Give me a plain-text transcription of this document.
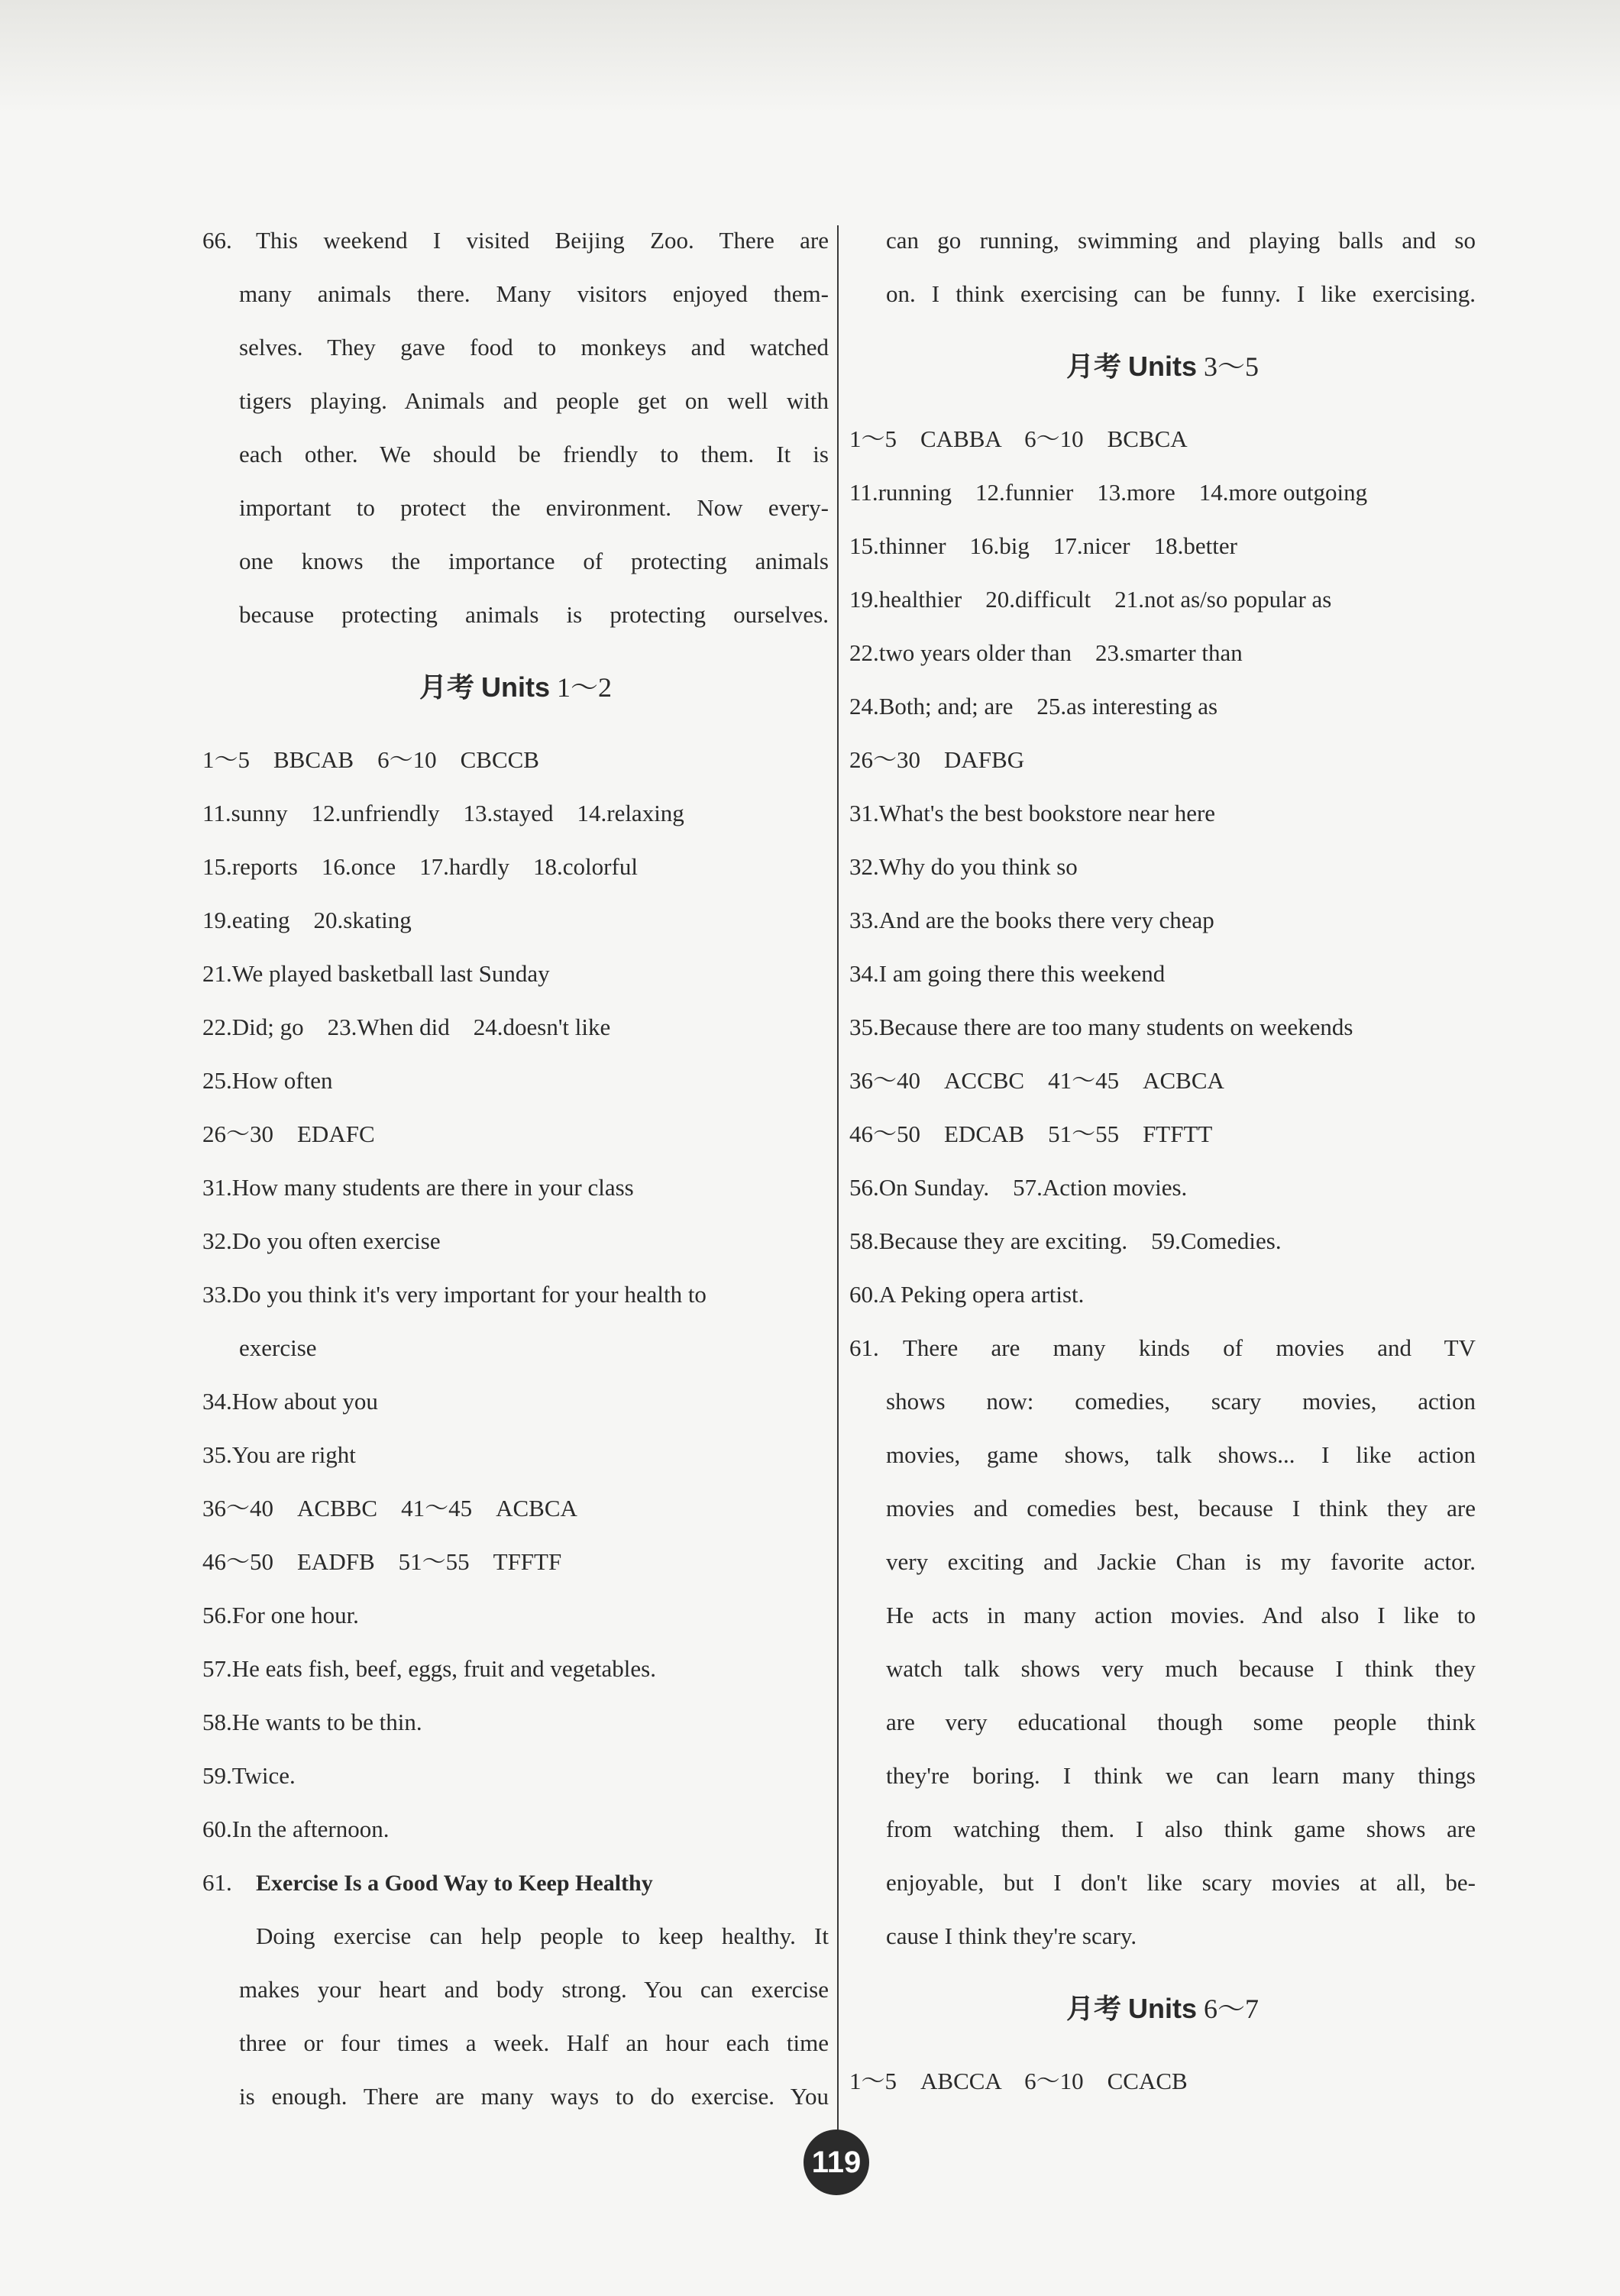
66. This weekend I visited Beijing Zoo. There are
many animals there. Many visitors enjoyed them-
selves. They gave food to monkeys and watched
tigers playing. Animals and people get on well with
each other. We should be friendly to them. It is
important to protect the environment. Now every-
one knows the importance of protecting animals
because protecting animals is protecting ourselves.
月考 Units 1～2
1～5　BBCAB　6～10　CBCCB
11.sunny　12.unfriendly　13.stayed　14.relaxing
15.reports　16.once　17.hardly　18.colorful
19.eating　20.skating
21.We played basketball last Sunday
22.Did; go　23.When did　24.doesn't like
25.How often
26～30　EDAFC
31.How many students are there in your class
32.Do you often exercise
33.Do you think it's very important for your health to
exercise
34.How about you
35.You are right
36～40　ACBBC　41～45　ACBCA
46～50　EADFB　51～55　TFFTF
56.For one hour.
57.He eats fish, beef, eggs, fruit and vegetables.
58.He wants to be thin.
59.Twice.
60.In the afternoon.
61. Exercise Is a Good Way to Keep Healthy
Doing exercise can help people to keep healthy. It
makes your heart and body strong. You can exercise
three or four times a week. Half an hour each time
is enough. There are many ways to do exercise. You
can go running, swimming and playing balls and so
on. I think exercising can be funny. I like exercising.
月考 Units 3～5
1～5　CABBA　6～10　BCBCA
11.running　12.funnier　13.more　14.more outgoing
15.thinner　16.big　17.nicer　18.better
19.healthier　20.difficult　21.not as/so popular as
22.two years older than　23.smarter than
24.Both; and; are　25.as interesting as
26～30　DAFBG
31.What's the best bookstore near here
32.Why do you think so
33.And are the books there very cheap
34.I am going there this weekend
35.Because there are too many students on weekends
36～40　ACCBC　41～45　ACBCA
46～50　EDCAB　51～55　FTFTT
56.On Sunday.　57.Action movies.
58.Because they are exciting.　59.Comedies.
60.A Peking opera artist.
61. There are many kinds of movies and TV
shows now: comedies, scary movies, action
movies, game shows, talk shows... I like action
movies and comedies best, because I think they are
very exciting and Jackie Chan is my favorite actor.
He acts in many action movies. And also I like to
watch talk shows very much because I think they
are very educational though some people think
they're boring. I think we can learn many things
from watching them. I also think game shows are
enjoyable, but I don't like scary movies at all, be-
cause I think they're scary.
月考 Units 6～7
1～5　ABCCA　6～10　CCACB
119
